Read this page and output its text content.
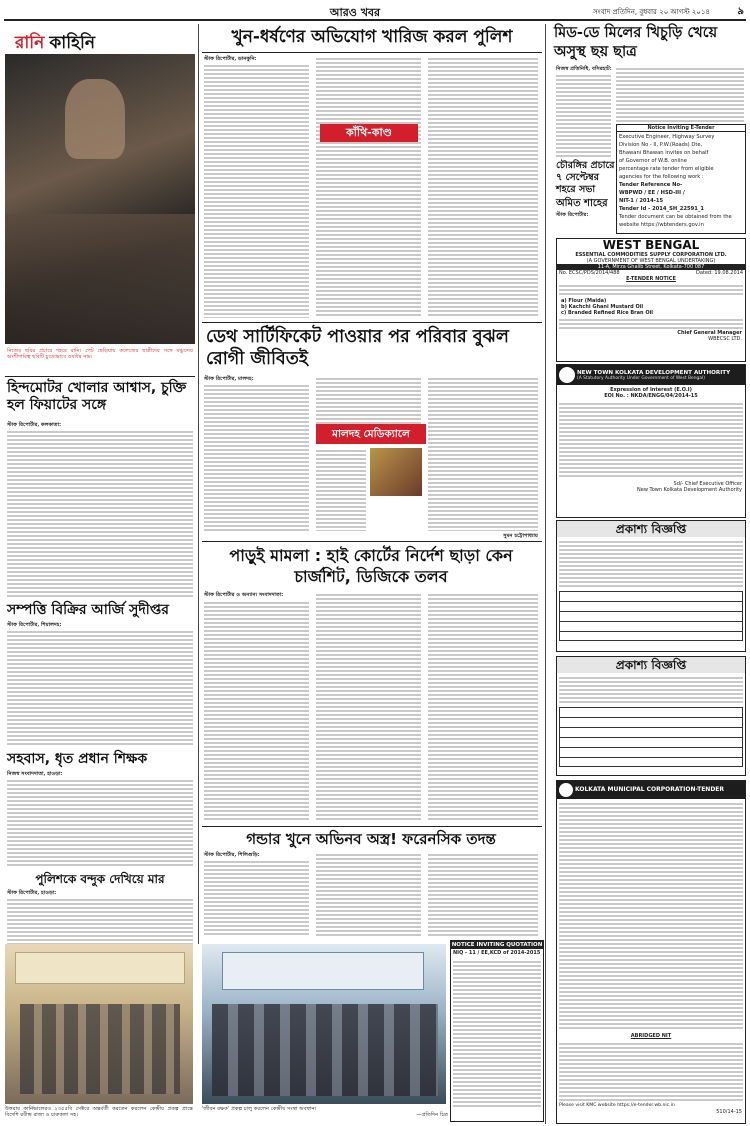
আরও খবর	সংবাদ প্রতিদিন, বুধবার ২০ আগস্ট ২০১৪	৯
রানি কাহিনি
নিজের ছবির প্রচারে শহরে রানি। পেট ছেড়িয়ায় কলেজের ছাত্রীদের সঙ্গে মঞ্চুন্দের অংশীদারিত্ব ছবিটি চুড়োভাবে ওষধির নাম।
হিন্দমোটর খোলার আশ্বাস, চুক্তি হল ফিয়াটের সঙ্গে
স্টাফ রিপোর্টার, কলকাতা:
সম্পত্তি বিক্রির আর্জি সুদীপ্তর
স্টাফ রিপোর্টার, শিয়ালদহ:
সহবাস, ধৃত প্রধান শিক্ষক
নিজস্ব সংবাদদাতা, হাওড়া:
পুলিশকে বন্দুক দেখিয়ে মার
স্টাফ রিপোর্টার, হাওড়া:
খুন-ধর্ষণের অভিযোগ খারিজ করল পুলিশ
স্টাফ রিপোর্টার, ডানকুনি:
কাঁথি-কাণ্ড
ডেথ সার্টিফিকেট পাওয়ার পর পরিবার বুঝল রোগী জীবিতই
স্টাফ রিপোর্টার, মালদহ:
মালদহ মেডিক্যালে
সুমন চট্টোপাধ্যায়
পাড়ুই মামলা : হাই কোর্টের নির্দেশ ছাড়া কেন চার্জশিট, ডিজিকে তলব
স্টাফ রিপোর্টার ও অন্যান্য সংবাদদাতা:
গন্ডার খুনে অভিনব অস্ত্র! ফরেনসিক তদন্ত
স্টাফ রিপোর্টার, শিলিগুড়ি:
NOTICE INVITING QUOTATION
NIQ - 11 / EE,KCD of 2014-2015
উত্তরায় কার্নিভালেরও ২৩৫৫বি সেক্টরে অন্তর্বর্তী করতেন করলেন কেন্দ্রীয় প্রকল্প প্রান্তে বিদেশি রবীন্দ্র রাজ্য ও চারুকলা সহ।
'জীবন রক্ষক' প্রকল্প চালু করলেন কেন্দ্রীয় সংস্থা অবস্থান।
—প্রতিদিন চিত্র
মিড-ডে মিলের খিচুড়ি খেয়ে অসুস্থ ছয় ছাত্র
নিজস্ব প্রতিনিধি, বসিরহাট:
Notice Inviting E-Tender
Executive Engineer, Highway Survey
Division No - II, P.W.(Roads) Dte,
Bhawani Bhawan invites on behalf
of Governor of W.B. online
percentage rate tender from eligible
agencies for the following work :
Tender Reference No-
WBPWD / EE / HSD-III /
NIT-1 / 2014-15
Tender Id - 2014_SH_22591_1
Tender document can be obtained from the
website https://wbtenders.gov.in
চৌরঙ্গির প্রচারে ৭ সেপ্টেম্বর শহরে সভা
অমিত শাহের
স্টাফ রিপোর্টার:
WEST BENGAL
ESSENTIAL COMMODITIES SUPPLY CORPORATION LTD.
(A GOVERNMENT OF WEST BENGAL UNDERTAKING)
11-A, Mirza Ghalib Street, Kolkata-700 087
No. ECSC/PDS/2014/488	Dated: 19.08.2014
E-TENDER NOTICE
a) Flour (Maida)
b) Kachchi Ghani Mustard Oil
c) Branded Refined Rice Bran Oil
Chief General Manager
WBECSC LTD.
NEW TOWN KOLKATA DEVELOPMENT AUTHORITY
(A Statutory Authority Under Government of West Bengal)
Expression of Interest (E.O.I)
EOI No. : NKDA/ENGG/04/2014-15
Sd/- Chief Executive Officer
New Town Kolkata Development Authority
প্রকাশ্য বিজ্ঞপ্তি
প্রকাশ্য বিজ্ঞপ্তি
KOLKATA MUNICIPAL CORPORATION-TENDER
ABRIDGED NIT
Please visit KMC website https://e-tender.wb.nic.in
510/14-15
